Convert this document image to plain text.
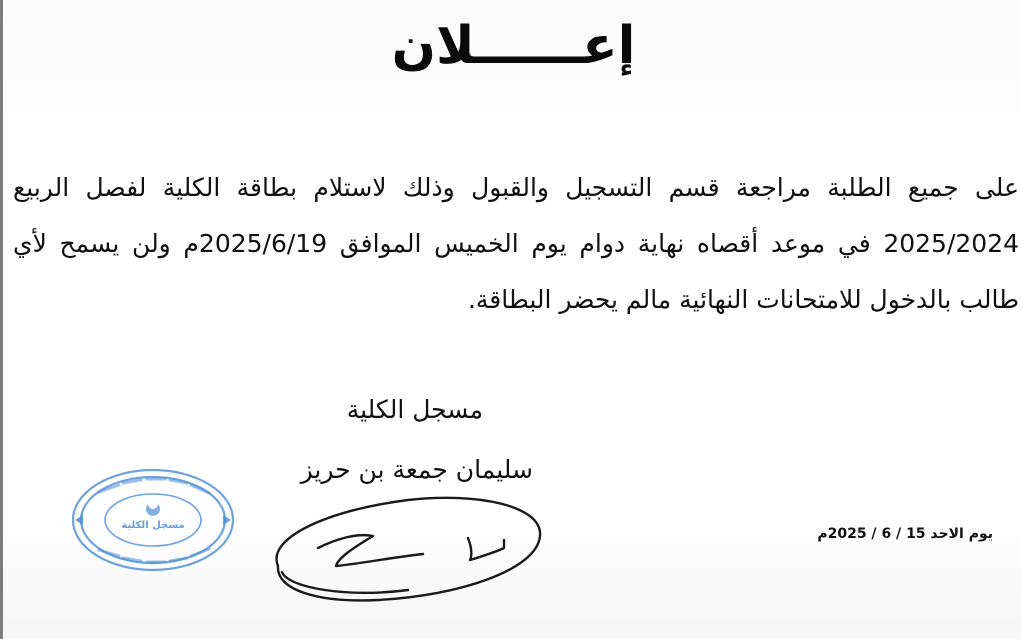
إعــــــلان
على جميع الطلبة مراجعة قسم التسجيل والقبول وذلك لاستلام بطاقة الكلية لفصل الربيع 2025/2024 في موعد أقصاه نهاية دوام يوم الخميس الموافق 2025/6/19م ولن يسمح لأي طالب بالدخول للامتحانات النهائية مالم يحضر البطاقة.
مسجل الكلية
سليمان جمعة بن حريز
يوم الاحد 15 / 6 / 2025م
مسجل الكلية
